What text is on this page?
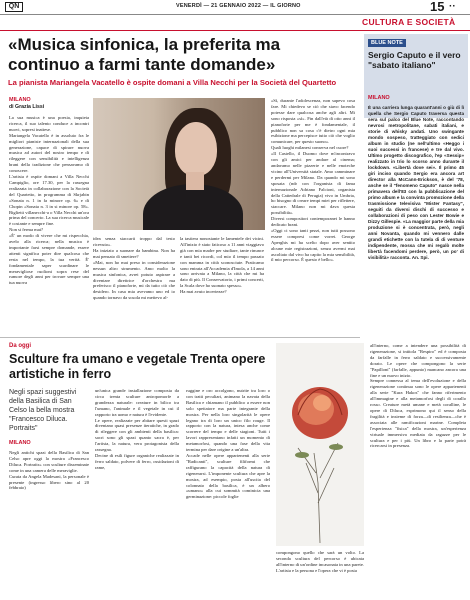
QN	VENERDÌ — 21 GENNAIO 2022 — IL GIORNO	15 ··
CULTURA E SOCIETÀ
«Musica sinfonica, la preferita ma continuo a farmi tante domande»
La pianista Mariangela Vacatello è ospite domani a Villa Necchi per la Società del Quartetto
MILANO
di Grazia Lissi
La sua musica è una poesia, inquieta ricerca, il suo talento conduce a incontri nuovi, sopresi inattese.
Mariangela Vacatello è in assoluto fra le migliori pianiste internazionali della sua generazione, capace di spirare nuova musica ad autori del nostro tempo e di rileggere con sensibilità e intelligenza brani della tradizione che pensavamo di conoscere.
L'artista è ospite domani a Villa Necchi Campiglio, ore 17.30, per la rassegna realizzata in collaborazione con la Società del Quartetto, in programma di Skrjabin «Sonata n. 1 in fa minore op. 6» e di Chopin «Sonata n. 3 in si minore op. 58». Biglietti villanecchi-a o Villa Necchi un'ora prima del concerto. La sua ricerca musicale è costante e sempre fine.
Non si ferma mai?
«È' un modo di vivere che mi rispecchia, avelo alla ricerca; nella musica è importante farsi sempre domande, essere attenti significa poter dire qualcosa che resta nel tempo, la tua verità. È' fondamentale saper scardinare le meravigliose ruolioni sopra rese del rumore degli anni per trovare sempre una tua nuova
idea senza staccarti troppo dal testo ricevuto».
Ha iniziato a suonare da bambina. Non ha mai pensato di smettere?
«Mai, non ho mai preso in considerazione nessun altro strumento. Amo molto la musica sinfonica, avrei potuto aspirare a diventare direttrice d'orchestra ma preferisco il pianoforte, mi da tutto ciò che desidero. In casa mia avevamo uno ed io quando tornavo da scuola mi mettevo al-
la tastiera nonostante le lamentele dei vicini. All'inizio è stato faticoso a 11 anni viaggiavo già con mia madre per studiare, tante rinunce e tanti bei ricordi, col mio il tempo passato con mamma in città sconosciute. Praticamo sono entrata all'Accademia d'Imola, a 14 anni sono arrivata a Milano, la città che mi ha dato di più. Il Conservatorio, i primi concerti, la Scala dove ho suonato spesso».
Ha mai avuto incertezze?
«Sì, durante l'adolescenza, non sapevo cosa fare. Mi chiedevo se ciò che stavo facendo potesse dare qualcosa anche agli altri. Mi sono risposta «sì». Fin dall'età di otto anni il pianoforte per me è fondamentale, il pubblico non sa cosa c'è dietro ogni mia esibizione ma percepisce tutto ciò che voglio comunicare, per questo suono».
Quali luoghi milanesi conserva nel cuore?
«Il Castello, il Duomo dove m'incontravo con gli amici per andare al cinema; andavamo nelle pizzerie e nelle enoteche vicino all'Università statale. Amo camminare e perdermi per Milano. Da quando mi sono sposata (ndr con l'organista di fama internazionale Adriano Falcioni, organista della Cattedrale di Perugia) vivo in Umbria, ho bisogno di creare tempi miei per riflettere, staccare. Milano non mi dava questa possibilità».
Diversi compositori contemporanei le hanno dedicato brani.
«Oggi ci sono tanti pezzi, non tutti possono essere compresi come vorrei. George Aperghis mi ha scelto dopo aver sentito alcune mie registrazioni, senza avermi mai ascoltato dal vivo ha capito la mia sensibilità, il mio percorso. È questo è bello».
BLUE NOTE
Sergio Caputo e il vero "sabato italiano"
MILANO
È una carriera lunga quarant'anni o giù di lì quella che Sergio Caputo traversa questa sera sul palco del Blue Note, raccontando nevrosi metropolitane, sabati italiani, e storie di whisky andati. Uno swingante mondo sospeso, tratteggiato con sedici album in studio (ne nell'ultimo «Heggo i suoi successi in francese) e tre dal vivo. Ultimo progetto discografico, l'ep «Sessip» realizzato in trio lo scorso anno durante il lockdown. «Libertà dove sei». Il primo 45 giri inciso quando Sergio era ancora art director alla McCann-Erickson, è del '78, anche se il "fenomeno Caputo" nasce nella primavera dell'83 con la pubblicazione del primo album e la convinta promozione della trasmissione televisiva "Mister Fantasy", seguiti da diversi dischi di successo e collaborazioni di peso con Lester Bowie e Dizzy Gillespie. «La maggior parte della mia produzione si è concentrata, però, negli anni Novanta, quando mi vennero dalle grandi etichette con la tutela di di venture indipendente, mossa che mi regalò molte libertà facendomi perdere, però, un po' di visibilità» racconta. An. Spi.
Da oggi
Sculture fra umano e vegetale Trenta opere artistiche in ferro
Negli spazi suggestivi della Basilica di San Celso la bella mostra "Francesco Diluca. Portraits"
MILANO
Negli antichi spazi della Basilica di San Celso apre oggi la mostra «Francesco Diluca. Portraits» con sculture disseminate come in una camera delle meraviglie.
Curata da Angela Madesani, la personale è presente (ingresso libero sino al 20 febbraio)
un'unica grande installazione composta da circa trenta sculture antropomorfe a grandezza naturale: creature in bilico tra l'umano, l'animale e il vegetale in cui il rapporto tra uomo e natura è l'evidente.
Le opere, realizzate per abitare questi spazi diventano quasi presenze iteratiche, in grado di rileggere con gli ambienti della basilica: sacri sono gli spazi quanto sacra è, per l'artista, la natura, vera protagonista della rassegna.
Decine di esili figure organiche realizzate in ferro saldato, polvere di ferro, ossidazioni di rame,
ruggine e oro accolgono, nutrite tra loro o con tratti peculiari, animano la navata della Basilica e chiamano il pubblico a essere non solo spettatore ma parte integrante della mostra. Per nella loro singolarità le opere legano tra di loro un unico filo rouge. Il rapporto con la natura, intesa anche come scorrere del tempo e delle stagioni. Tutti i lavori rappresentano infatti un momento di metamorfosi, quando una fase della vita termina per dare origine a un'altra.
Accade nelle opere appartenenti alla serie "Radicanti", sculture filiformi che raffigurano la capacità della natura di rigenerarsi. L'imponente scultura che apre la mostra, ad esempio, posta all'uscita del colonnato della basilica, è un albero «umano» alla cui sommità cominicia una germinazione: piccole foglie
compongono quello che sarà un volto. La seconda scultura del percorso è ubicata all'interno di un'ordine incasonata in una parete. L'artista e la persona e l'opera che vi è posta
all'interno, come a intendere una possibilità di rigenerazione, si intitola "Respiro" ed è composta da farfalle in ferro saldato e successivamente dorato. Le opere che compongono la serie "Papilloni" (farfalle, appunto) mancano ancora una fine e un nuovo inizio.
Sempre connessa al tema dell'evoluzione e della rigenerazione continua sono le opere appartenenti alla serie "Kura Hakos" che fanno riferimento all'immagine e alla metamorfosi degli di corallo rosso. Creature metà umane e metà coralline, le opere di Diluca, esprimono qui il senso della fragilità e insieme di forza—di resilienza—che è associata alle ramificazioni marine. Completa l'esperienza "fisica" della mostra, un'esperienza virtuale immersiva mediata da ragazze per le scultura e per i più. Un libro e la parte potrà ricercarsi in presenza.
